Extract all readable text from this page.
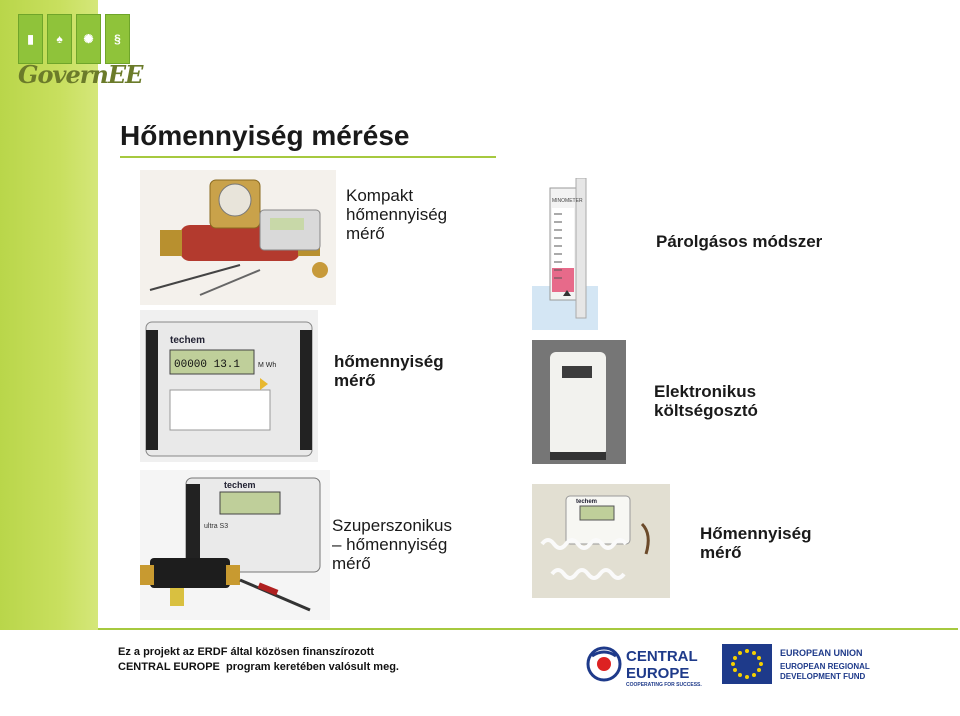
▮	♠	✺	§
GovernEE
Hőmennyiség mérése
Kompakt
hőmennyiség
mérő
MINOMETER
Párolgásos módszer
00000 13.1	M Wh
techem
hőmennyiség
mérő
Elektronikus
költségosztó
techem
ultra S3	Szuperszonikus
– hőmennyiség
mérő
techem
Hőmennyiség
mérő
Ez a projekt az ERDF által közösen finanszírozott
CENTRAL EUROPE  program keretében valósult meg.
CENTRAL
EUROPE
COOPERATING FOR SUCCESS.
EUROPEAN UNION
EUROPEAN REGIONAL
DEVELOPMENT FUND
